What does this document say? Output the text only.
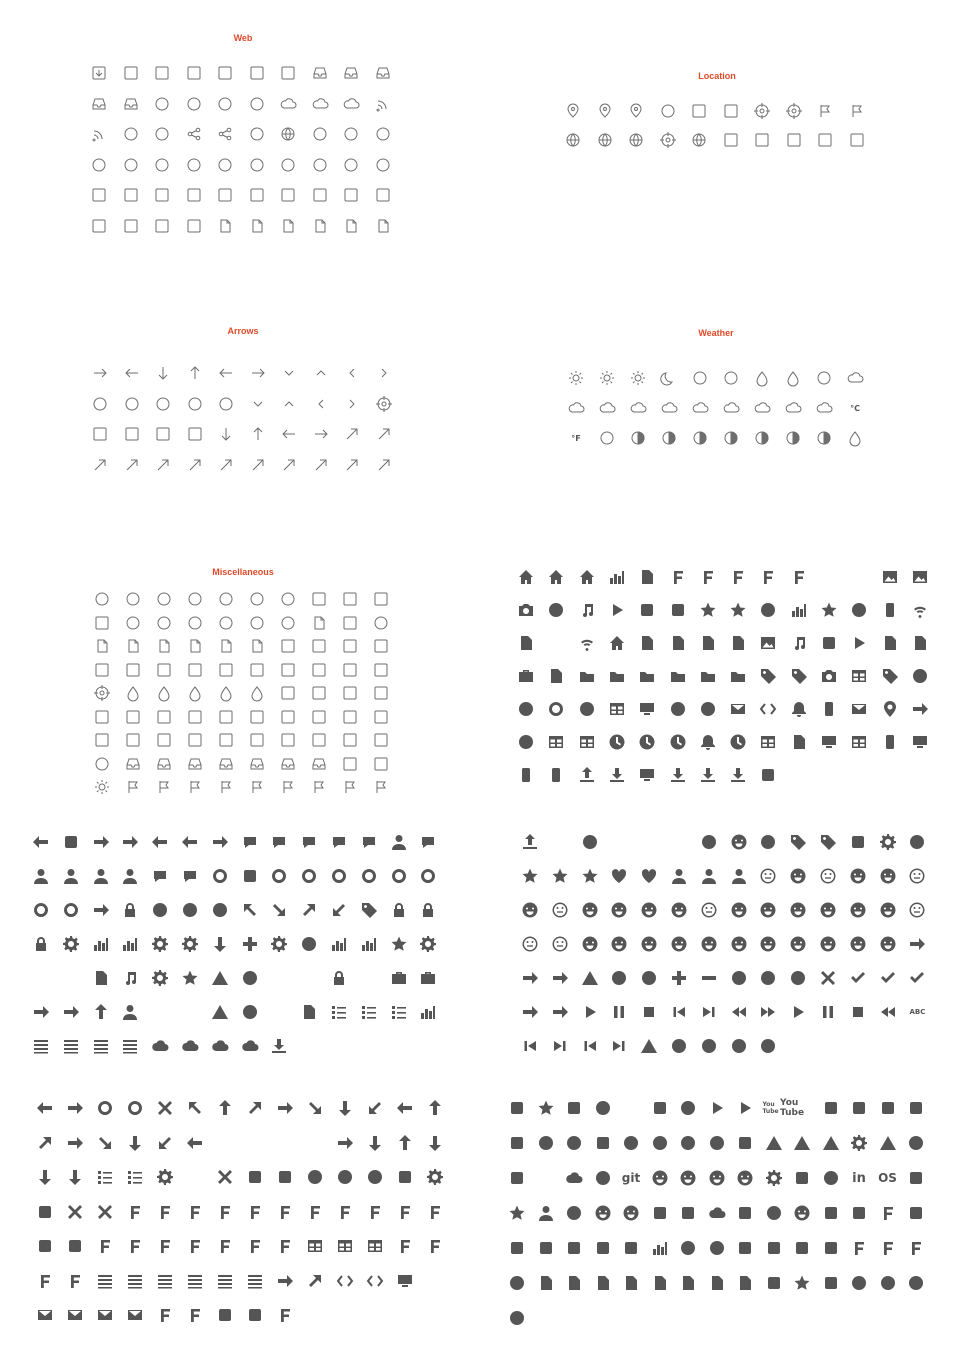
Web
Location
Arrows	Weather
Miscellaneous
°C
°F
ABC
You Tube
You Tube
git	in	OS
